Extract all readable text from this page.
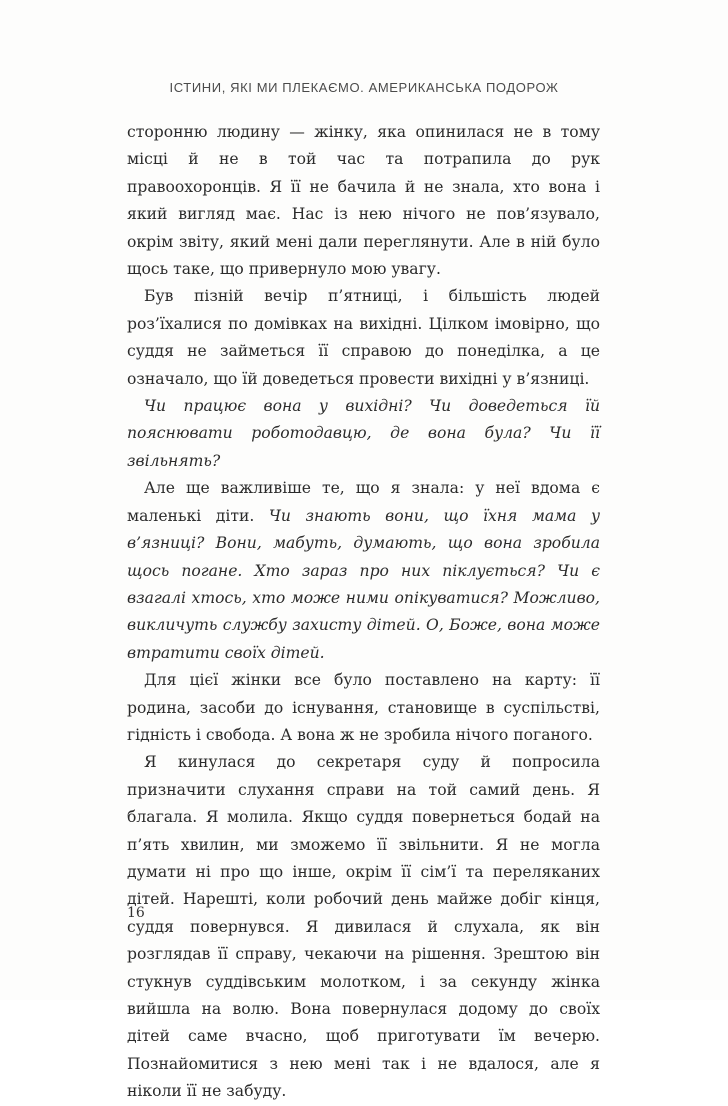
ІСТИНИ, ЯКІ МИ ПЛЕКАЄМО. АМЕРИКАНСЬКА ПОДОРОЖ

сторонню людину — жінку, яка опинилася не в тому місці й не в той час та потрапила до рук правоохоронців. Я її не бачила й не знала, хто вона і який вигляд має. Нас із нею нічого не пов’язувало, окрім звіту, який мені дали переглянути. Але в ній було щось таке, що привернуло мою увагу.

Був пізній вечір п’ятниці, і більшість людей роз’їхалися по домівках на вихідні. Цілком імовірно, що суддя не займеться її справою до понеділка, а це означало, що їй доведеться провести вихідні у в’язниці.

Чи працює вона у вихідні? Чи доведеться їй пояснювати роботодавцю, де вона була? Чи її звільнять?

Але ще важливіше те, що я знала: у неї вдома є маленькі діти. Чи знають вони, що їхня мама у в’язниці? Вони, мабуть, думають, що вона зробила щось погане. Хто зараз про них піклується? Чи є взагалі хтось, хто може ними опікуватися? Можливо, викличуть службу захисту дітей. О, Боже, вона може втратити своїх дітей.

Для цієї жінки все було поставлено на карту: її родина, засоби до існування, становище в суспільстві, гідність і свобода. А вона ж не зробила нічого поганого.

Я кинулася до секретаря суду й попросила призначити слухання справи на той самий день. Я благала. Я молила. Якщо суддя повернеться бодай на п’ять хвилин, ми зможемо її звільнити. Я не могла думати ні про що інше, окрім її сім’ї та переляканих дітей. Нарешті, коли робочий день майже добіг кінця, суддя повернувся. Я дивилася й слухала, як він розглядав її справу, чекаючи на рішення. Зрештою він стукнув суддівським молотком, і за секунду жінка вийшла на волю. Вона повернулася додому до своїх дітей саме вчасно, щоб приготувати їм вечерю. Познайомитися з нею мені так і не вдалося, але я ніколи її не забуду.

16
